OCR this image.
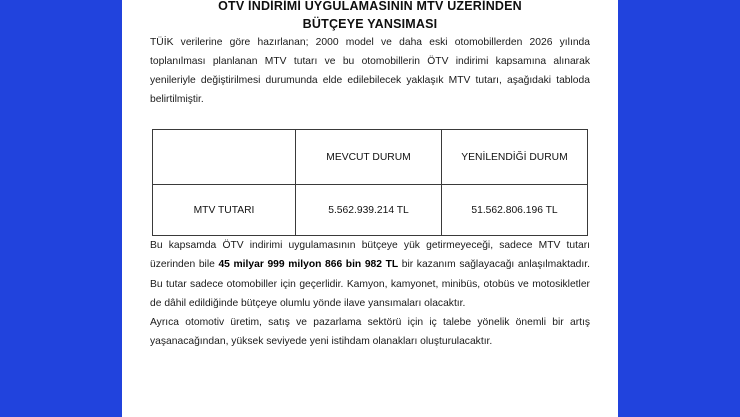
ÖTV İNDİRİMİ UYGULAMASININ MTV ÜZERİNDEN
BÜTÇEYE YANSIMASI

TÜİK verilerine göre hazırlanan; 2000 model ve daha eski otomobillerden 2026 yılında toplanılması planlanan MTV tutarı ve bu otomobillerin ÖTV indirimi kapsamına alınarak yenileriyle değiştirilmesi durumunda elde edilebilecek yaklaşık MTV tutarı, aşağıdaki tabloda belirtilmiştir.

	MEVCUT DURUM	YENİLENDİĞİ DURUM
MTV TUTARI	5.562.939.214 TL	51.562.806.196 TL

Bu kapsamda ÖTV indirimi uygulamasının bütçeye yük getirmeyeceği, sadece MTV tutarı üzerinden bile 45 milyar 999 milyon 866 bin 982 TL bir kazanım sağlayacağı anlaşılmaktadır. Bu tutar sadece otomobiller için geçerlidir. Kamyon, kamyonet, minibüs, otobüs ve motosikletler de dâhil edildiğinde bütçeye olumlu yönde ilave yansımaları olacaktır.

Ayrıca otomotiv üretim, satış ve pazarlama sektörü için iç talebe yönelik önemli bir artış yaşanacağından, yüksek seviyede yeni istihdam olanakları oluşturulacaktır.
